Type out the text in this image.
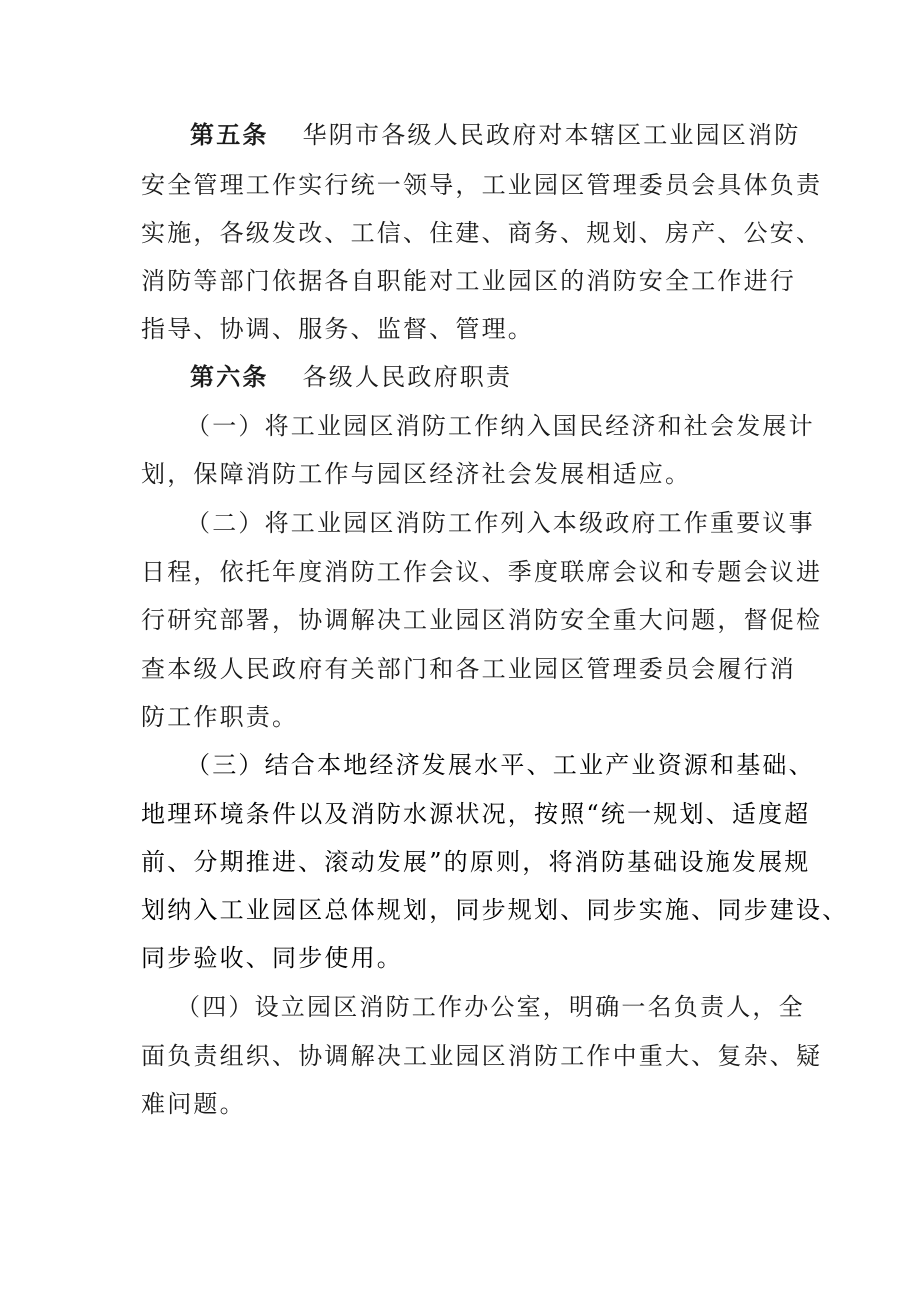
第五条 华阴市各级人民政府对本辖区工业园区消防
安全管理工作实行统一领导，工业园区管理委员会具体负责
实施，各级发改、工信、住建、商务、规划、房产、公安、
消防等部门依据各自职能对工业园区的消防安全工作进行
指导、协调、服务、监督、管理。
第六条 各级人民政府职责
（一）将工业园区消防工作纳入国民经济和社会发展计
划，保障消防工作与园区经济社会发展相适应。
（二）将工业园区消防工作列入本级政府工作重要议事
日程，依托年度消防工作会议、季度联席会议和专题会议进
行研究部署，协调解决工业园区消防安全重大问题，督促检
查本级人民政府有关部门和各工业园区管理委员会履行消
防工作职责。
（三）结合本地经济发展水平、工业产业资源和基础、
地理环境条件以及消防水源状况，按照“统一规划、适度超
前、分期推进、滚动发展”的原则，将消防基础设施发展规
划纳入工业园区总体规划，同步规划、同步实施、同步建设、
同步验收、同步使用。
（四）设立园区消防工作办公室，明确一名负责人，全
面负责组织、协调解决工业园区消防工作中重大、复杂、疑
难问题。
